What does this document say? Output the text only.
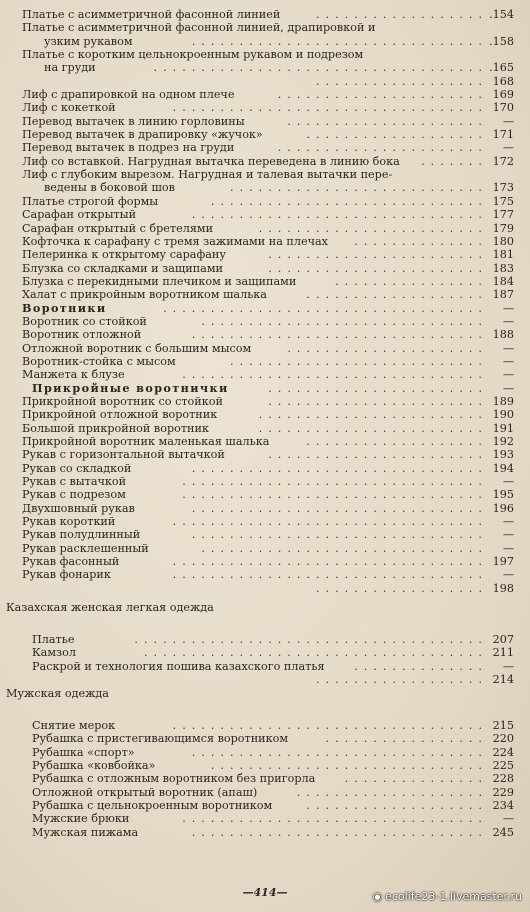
Платье с асимметричной фасонной линией	.................. .154
Платье с асимметричной фасонной линией, драпировкой и
узким рукавом	............................... .158
Платье с коротким цельнокроенным рукавом и подрезом
на груди	................................... .165
.................. 168
Лиф с драпировкой на одном плече	...................... 169
Лиф с кокеткой	................................. 170
Перевод вытачек в линию горловины	.....................	—
Перевод вытачек в драпировку «жучок»	................... 171
Перевод вытачек в подрез на груди	......................	—
Лиф со вставкой. Нагрудная вытачка переведена в линию бока ....... 172
Лиф с глубоким вырезом. Нагрудная и талевая вытачки пере-
ведены в боковой шов	........................... 173
Платье строгой формы	............................. 175
Сарафан открытый	............................... 177
Сарафан открытый с бретелями	........................ 179
Кофточка к сарафану с тремя зажимами на плечах .............. 180
Пелеринка к открытому сарафану	....................... 181
Блузка со складками и защипами	....................... 183
Блузка с перекидными плечиком и защипами	................ 184
Халат с прикройным воротником шалька	................... 187
Воротники	..................................	—
Воротник со стойкой	..............................	—
Воротник отложной	............................... 188
Отложной воротник с большим мысом	.....................	—
Воротник-стойка с мысом	...........................	—
Манжета к блузе	................................	—
Прикройные воротнички	.......................	—
Прикройной воротник со стойкой	....................... 189
Прикройной отложной воротник	........................ 190
Большой прикройной воротник	........................ 191
Прикройной воротник маленькая шалька	................... 192
Рукав с горизонтальной вытачкой	....................... 193
Рукав со складкой	............................... 194
Рукав с вытачкой	................................	—
Рукав с подрезом	................................ 195
Двухшовный рукав	............................... 196
Рукав короткий	.................................	—
Рукав полудлинный	...............................	—
Рукав расклешенный	..............................	—
Рукав фасонный	................................. 197
Рукав фонарик	.................................	—
.................. 198
Казахская женская легкая одежда
Платье	..................................... 207
Камзол	.................................... 211
Раскрой и технология пошива казахского платья	..............	—
.................. 214
Мужская одежда
Снятие мерок	................................. 215
Рубашка с пристегивающимся воротником	................. 220
Рубашка «спорт»	............................... 224
Рубашка «ковбойка»	............................. 225
Рубашка с отложным воротником без пригорла	............... 228
Отложной открытый воротник (апаш)	.................... 229
Рубашка с цельнокроенным воротником	................... 234
Мужские брюки	................................	—
Мужская пижама	............................... 245
—414—	◉ ecolife23-1.livemaster.ru
